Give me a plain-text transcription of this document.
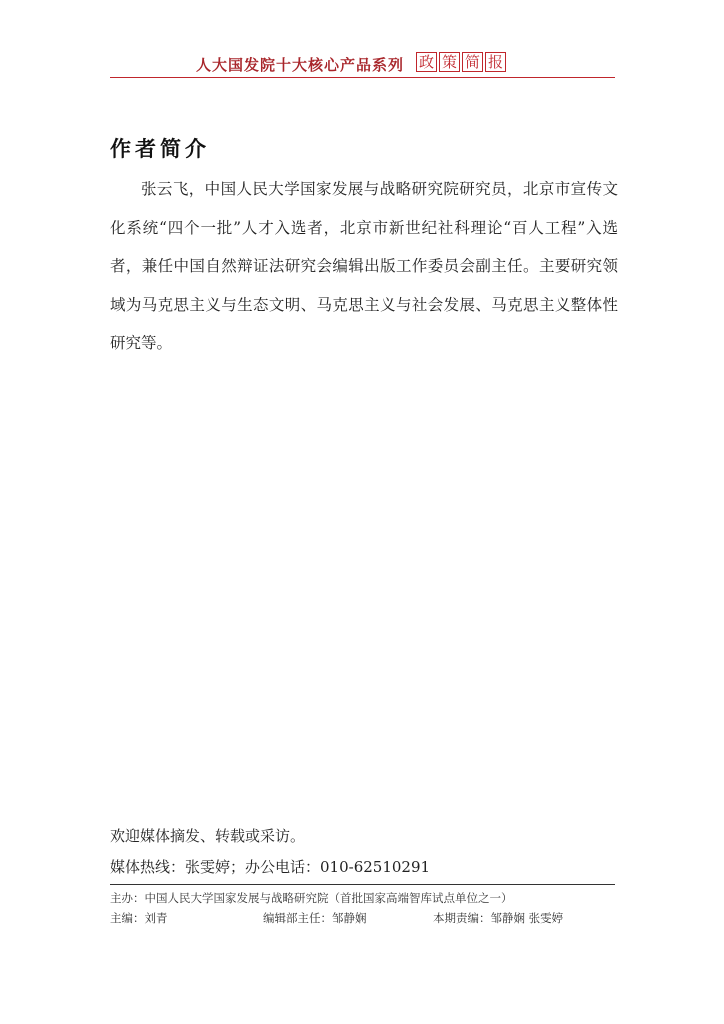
人大国发院十大核心产品系列 政 策 简 报
作者简介

张云飞，中国人民大学国家发展与战略研究院研究员，北京市宣传文化系统“四个一批”人才入选者，北京市新世纪社科理论“百人工程”入选者，兼任中国自然辩证法研究会编辑出版工作委员会副主任。主要研究领域为马克思主义与生态文明、马克思主义与社会发展、马克思主义整体性研究等。

欢迎媒体摘发、转载或采访。
媒体热线：张雯婷；办公电话：010-62510291
主办：中国人民大学国家发展与战略研究院（首批国家高端智库试点单位之一）
主编：刘青	编辑部主任：邹静娴	本期责编：邹静娴 张雯婷
